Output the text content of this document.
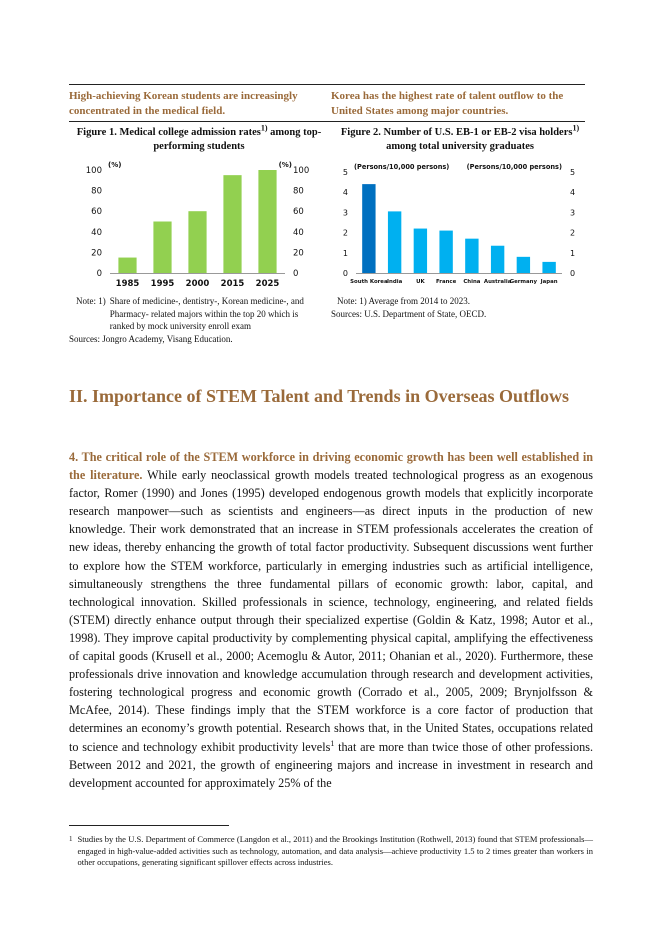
High-achieving Korean students are increasingly concentrated in the medical field.
Korea has the highest rate of talent outflow to the United States among major countries.
Figure 1. Medical college admission rates$^{1)}$ among top-performing students
Figure 2. Number of U.S. EB-1 or EB-2 visa holders$^{1)}$ among total university graduates
0	0
20	20
40	40
60	60
80	80
100	100
(%)	(%)
1985 1995 2000 2015 2025
0	0
1	1
2	2
3	3
4	4
5	5
(Persons/10,000 persons)	(Persons/10,000 persons)
South Korea India	UK France China Australia
Germany Japan
Note: 1) Share of medicine-, dentistry-, Korean medicine-, and Pharmacy- related majors within the top 20 which is ranked by mock university enroll exam
Sources: Jongro Academy, Visang Education.
Note: 1) Average from 2014 to 2023.
Sources: U.S. Department of State, OECD.
II. Importance of STEM Talent and Trends in Overseas Outflows
4. The critical role of the STEM workforce in driving economic growth has been well established in the literature. While early neoclassical growth models treated technological progress as an exogenous factor, Romer (1990) and Jones (1995) developed endogenous growth models that explicitly incorporate research manpower—such as scientists and engineers—as direct inputs in the production of new knowledge. Their work demonstrated that an increase in STEM professionals accelerates the creation of new ideas, thereby enhancing the growth of total factor productivity. Subsequent discussions went further to explore how the STEM workforce, particularly in emerging industries such as artificial intelligence, simultaneously strengthens the three fundamental pillars of economic growth: labor, capital, and technological innovation. Skilled professionals in science, technology, engineering, and related fields (STEM) directly enhance output through their specialized expertise (Goldin & Katz, 1998; Autor et al., 1998). They improve capital productivity by complementing physical capital, amplifying the effectiveness of capital goods (Krusell et al., 2000; Acemoglu & Autor, 2011; Ohanian et al., 2020). Furthermore, these professionals drive innovation and knowledge accumulation through research and development activities, fostering technological progress and economic growth (Corrado et al., 2005, 2009; Brynjolfsson & McAfee, 2014). These findings imply that the STEM workforce is a core factor of production that determines an economy’s growth potential. Research shows that, in the United States, occupations related to science and technology exhibit productivity levels$^1$ that are more than twice those of other professions. Between 2012 and 2021, the growth of engineering majors and increase in investment in research and development accounted for approximately 25% of the
1 Studies by the U.S. Department of Commerce (Langdon et al., 2011) and the Brookings Institution (Rothwell, 2013) found that STEM professionals—engaged in high-value-added activities such as technology, automation, and data analysis—achieve productivity 1.5 to 2 times greater than workers in other occupations, generating significant spillover effects across industries.
